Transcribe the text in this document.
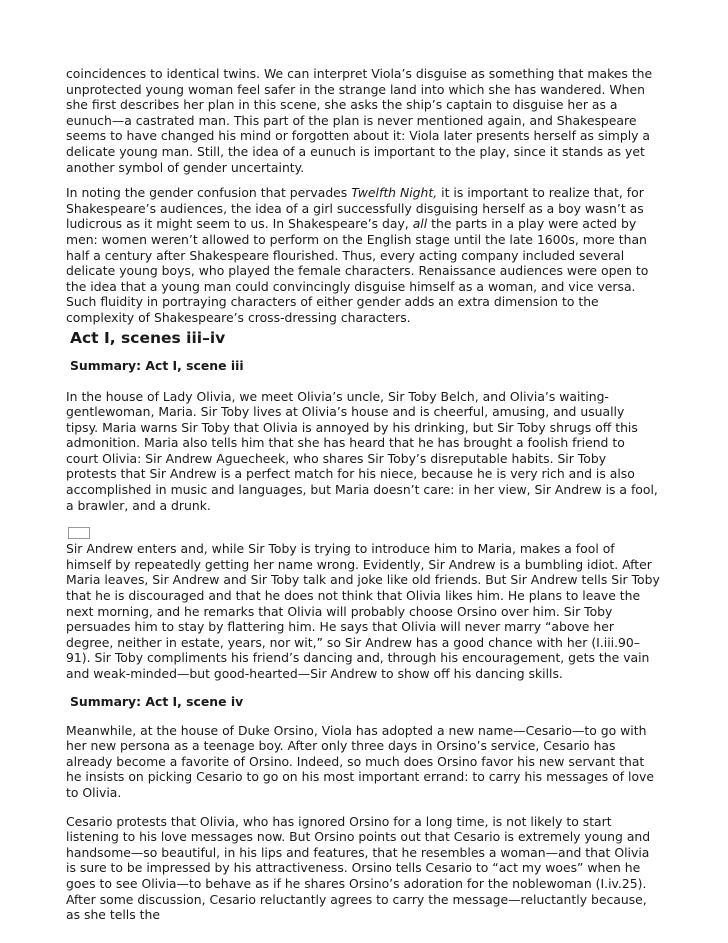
coincidences to identical twins. We can interpret Viola’s disguise as something that makes the unprotected young woman feel safer in the strange land into which she has wandered. When she first describes her plan in this scene, she asks the ship’s captain to disguise her as a eunuch—a castrated man. This part of the plan is never mentioned again, and Shakespeare seems to have changed his mind or forgotten about it: Viola later presents herself as simply a delicate young man. Still, the idea of a eunuch is important to the play, since it stands as yet another symbol of gender uncertainty.

In noting the gender confusion that pervades Twelfth Night, it is important to realize that, for Shakespeare’s audiences, the idea of a girl successfully disguising herself as a boy wasn’t as ludicrous as it might seem to us. In Shakespeare’s day, all the parts in a play were acted by men: women weren’t allowed to perform on the English stage until the late 1600s, more than half a century after Shakespeare flourished. Thus, every acting company included several delicate young boys, who played the female characters. Renaissance audiences were open to the idea that a young man could convincingly disguise himself as a woman, and vice versa. Such fluidity in portraying characters of either gender adds an extra dimension to the complexity of Shakespeare’s cross-dressing characters.

Act I, scenes iii–iv
Summary: Act I, scene iii

In the house of Lady Olivia, we meet Olivia’s uncle, Sir Toby Belch, and Olivia’s waiting-gentlewoman, Maria. Sir Toby lives at Olivia’s house and is cheerful, amusing, and usually tipsy. Maria warns Sir Toby that Olivia is annoyed by his drinking, but Sir Toby shrugs off this admonition. Maria also tells him that she has heard that he has brought a foolish friend to court Olivia: Sir Andrew Aguecheek, who shares Sir Toby’s disreputable habits. Sir Toby protests that Sir Andrew is a perfect match for his niece, because he is very rich and is also accomplished in music and languages, but Maria doesn’t care: in her view, Sir Andrew is a fool, a brawler, and a drunk.

Sir Andrew enters and, while Sir Toby is trying to introduce him to Maria, makes a fool of himself by repeatedly getting her name wrong. Evidently, Sir Andrew is a bumbling idiot. After Maria leaves, Sir Andrew and Sir Toby talk and joke like old friends. But Sir Andrew tells Sir Toby that he is discouraged and that he does not think that Olivia likes him. He plans to leave the next morning, and he remarks that Olivia will probably choose Orsino over him. Sir Toby persuades him to stay by flattering him. He says that Olivia will never marry “above her degree, neither in estate, years, nor wit,” so Sir Andrew has a good chance with her (I.iii.90–91). Sir Toby compliments his friend’s dancing and, through his encouragement, gets the vain and weak-minded—but good-hearted—Sir Andrew to show off his dancing skills.

Summary: Act I, scene iv

Meanwhile, at the house of Duke Orsino, Viola has adopted a new name—Cesario—to go with her new persona as a teenage boy. After only three days in Orsino’s service, Cesario has already become a favorite of Orsino. Indeed, so much does Orsino favor his new servant that he insists on picking Cesario to go on his most important errand: to carry his messages of love to Olivia.

Cesario protests that Olivia, who has ignored Orsino for a long time, is not likely to start listening to his love messages now. But Orsino points out that Cesario is extremely young and handsome—so beautiful, in his lips and features, that he resembles a woman—and that Olivia is sure to be impressed by his attractiveness. Orsino tells Cesario to “act my woes” when he goes to see Olivia—to behave as if he shares Orsino’s adoration for the noblewoman (I.iv.25). After some discussion, Cesario reluctantly agrees to carry the message—reluctantly because, as she tells the
